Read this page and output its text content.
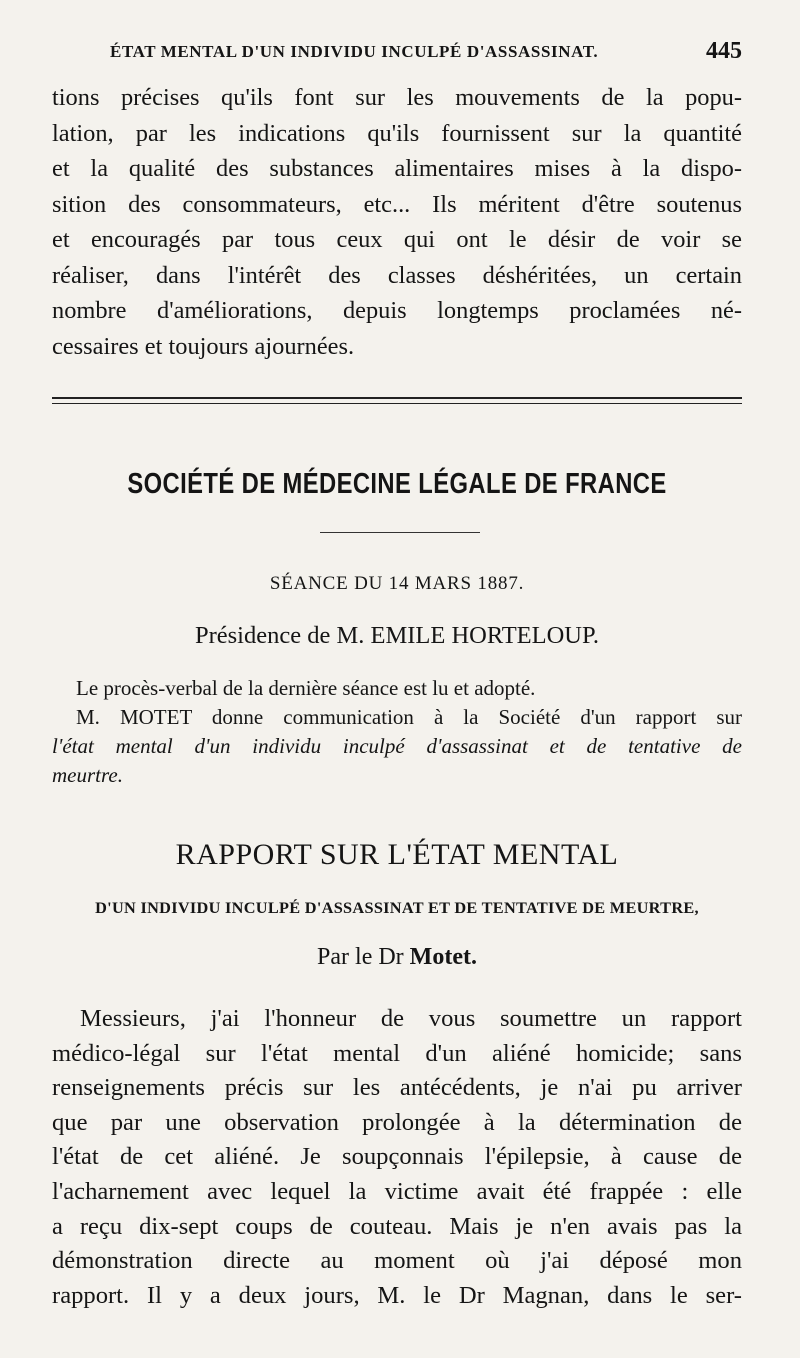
ÉTAT MENTAL D'UN INDIVIDU INCULPÉ D'ASSASSINAT.	445
tions précises qu'ils font sur les mouvements de la popu-
lation, par les indications qu'ils fournissent sur la quantité
et la qualité des substances alimentaires mises à la dispo-
sition des consommateurs, etc... Ils méritent d'être soutenus
et encouragés par tous ceux qui ont le désir de voir se
réaliser, dans l'intérêt des classes déshéritées, un certain
nombre d'améliorations, depuis longtemps proclamées né-
cessaires et toujours ajournées.
SOCIÉTÉ DE MÉDECINE LÉGALE DE FRANCE
SÉANCE DU 14 MARS 1887.
Présidence de M. EMILE HORTELOUP.
Le procès-verbal de la dernière séance est lu et adopté.
M. MOTET donne communication à la Société d'un rapport sur
l'état mental d'un individu inculpé d'assassinat et de tentative de
meurtre.
RAPPORT SUR L'ÉTAT MENTAL
D'UN INDIVIDU INCULPÉ D'ASSASSINAT ET DE TENTATIVE DE MEURTRE,
Par le Dr Motet.
Messieurs, j'ai l'honneur de vous soumettre un rapport
médico-légal sur l'état mental d'un aliéné homicide; sans
renseignements précis sur les antécédents, je n'ai pu arriver
que par une observation prolongée à la détermination de
l'état de cet aliéné. Je soupçonnais l'épilepsie, à cause de
l'acharnement avec lequel la victime avait été frappée : elle
a reçu dix-sept coups de couteau. Mais je n'en avais pas la
démonstration directe au moment où j'ai déposé mon
rapport. Il y a deux jours, M. le Dr Magnan, dans le ser-
